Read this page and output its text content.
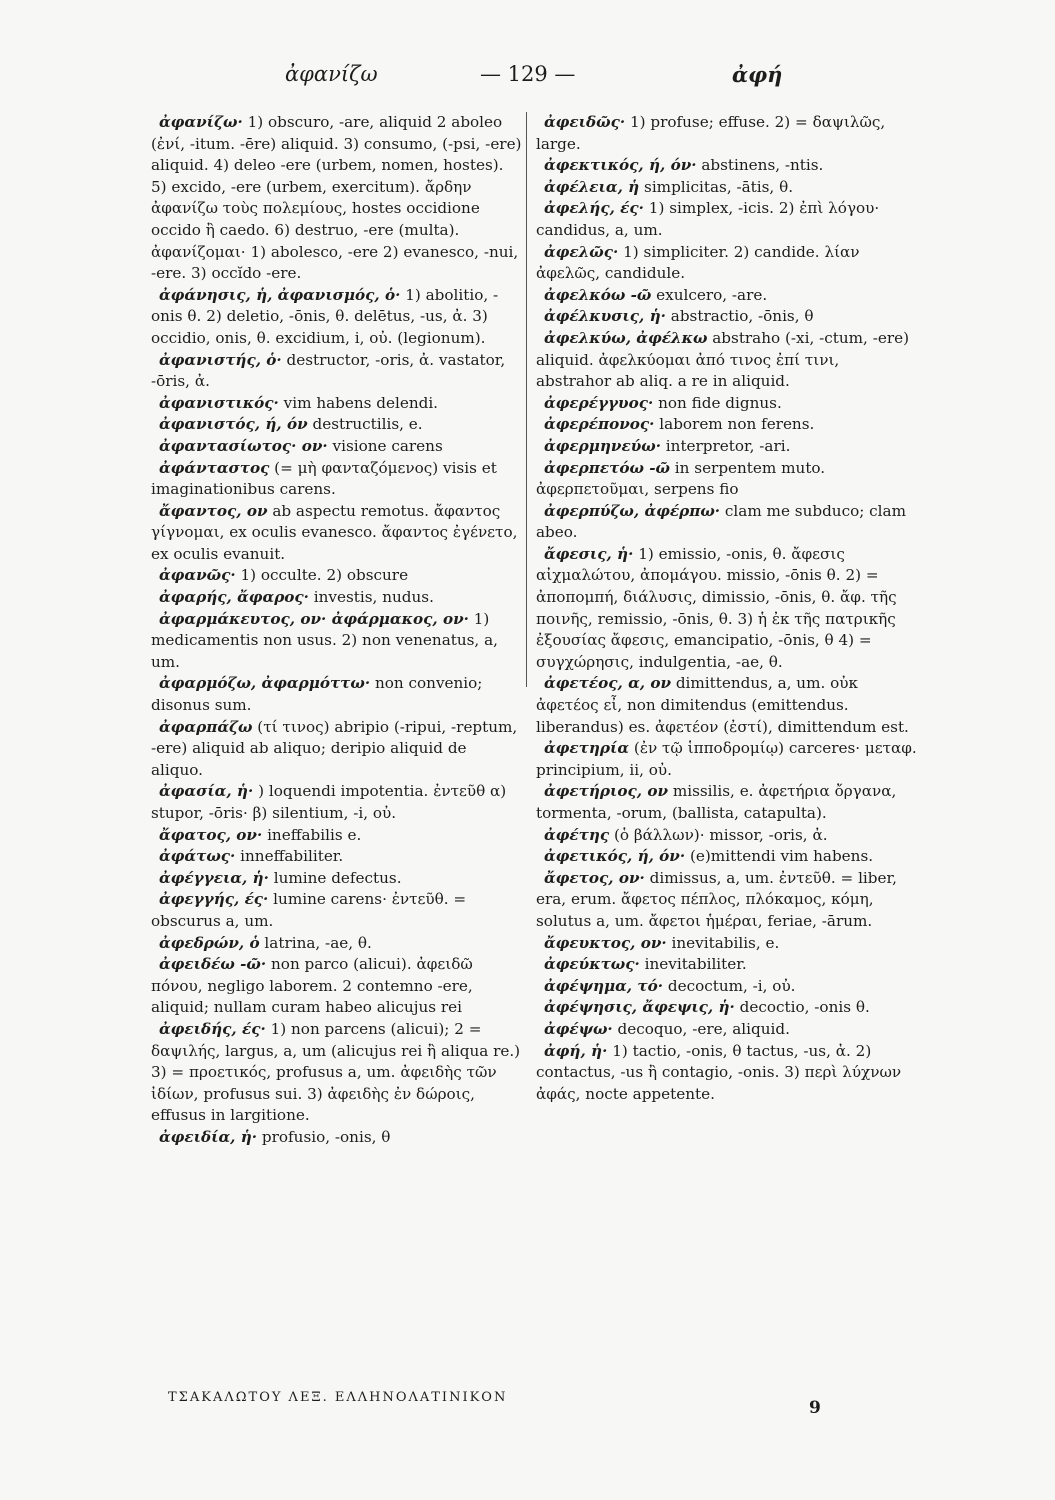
ἀφανίζω	— 129 —	ἀφή

ἀφανίζω· 1) obscuro, -are, aliquid 2 aboleo (ἐνί, -itum. -ēre) aliquid. 3) consumo, (-psi, -ere) aliquid. 4) deleo -ere (urbem, nomen, hostes). 5) excido, -ere (urbem, exercitum). ἄρδην ἀφανίζω τοὺς πολεμίους, hostes occidione occido ἢ caedo. 6) destruo, -ere (multa). ἀφανίζομαι· 1) abolesco, -ere 2) evanesco, -nui, -ere. 3) occĭdo -ere.

ἀφάνησις, ἡ, ἀφανισμός, ὁ· 1) abolitio, -onis θ. 2) deletio, -ōnis, θ. delētus, -us, ἀ. 3) occidio, onis, θ. excidium, i, οὐ. (legionum).

ἀφανιστής, ὁ· destructor, -oris, ἀ. vastator, -ōris, ἀ.

ἀφανιστικός· vim habens delendi.

ἀφανιστός, ή, όν destructilis, e.

ἀφαντασίωτος· ον· visione carens

ἀφάνταστος (= μὴ φανταζόμενος) visis et imaginationibus carens.

ἄφαντος, ον ab aspectu remotus. ἄφαντος γίγνομαι, ex oculis evanesco. ἄφαντος ἐγένετο, ex oculis evanuit.

ἀφανῶς· 1) occulte. 2) obscure

ἀφαρής, ἄφαρος· investis, nudus.

ἀφαρμάκευτος, ον· ἀφάρμακος, ον· 1) medicamentis non usus. 2) non venenatus, a, um.

ἀφαρμόζω, ἀφαρμόττω· non convenio; disonus sum.

ἀφαρπάζω (τί τινος) abripio (-ripui, -reptum, -ere) aliquid ab aliquo; deripio aliquid de aliquo.

ἀφασία, ἡ· ) loquendi impotentia. ἐντεῦθ α) stupor, -ōris· β) silentium, -i, οὐ.

ἄφατος, ον· ineffabilis e.

ἀφάτως· inneffabiliter.

ἀφέγγεια, ἡ· lumine defectus.

ἀφεγγής, ές· lumine carens· ἐντεῦθ. = obscurus a, um.

ἀφεδρών, ὁ latrina, -ae, θ.

ἀφειδέω -ῶ· non parco (alicui). ἀφειδῶ πόνου, negligo laborem. 2 contemno -ere, aliquid; nullam curam habeo alicujus rei

ἀφειδής, ές· 1) non parcens (alicui); 2 = δαψιλής, largus, a, um (alicujus rei ἢ aliqua re.) 3) = προετικός, profusus a, um. ἀφειδὴς τῶν ἰδίων, profusus sui. 3) ἀφειδὴς ἐν δώροις, effusus in largitione.

ἀφειδία, ἡ· profusio, -onis, θ

ἀφειδῶς· 1) profuse; effuse. 2) = δαψιλῶς, large.

ἀφεκτικός, ή, όν· abstinens, -ntis.

ἀφέλεια, ἡ simplicitas, -ātis, θ.

ἀφελής, ές· 1) simplex, -icis. 2) ἐπὶ λόγου· candidus, a, um.

ἀφελῶς· 1) simpliciter. 2) candide. λίαν ἀφελῶς, candidule.

ἀφελκόω -ῶ exulcero, -are.

ἀφέλκυσις, ἡ· abstractio, -ōnis, θ

ἀφελκύω, ἀφέλκω abstraho (-xi, -ctum, -ere) aliquid. ἀφελκύομαι ἀπό τινος ἐπί τινι, abstrahor ab aliq. a re in aliquid.

ἀφερέγγυος· non fide dignus.

ἀφερέπονος· laborem non ferens.

ἀφερμηνεύω· interpretor, -ari.

ἀφερπετόω -ῶ in serpentem muto. ἀφερπετοῦμαι, serpens fio

ἀφερπύζω, ἀφέρπω· clam me subduco; clam abeo.

ἄφεσις, ἡ· 1) emissio, -onis, θ. ἄφεσις αἰχμαλώτου, ἀπομάγου. missio, -ōnis θ. 2) = ἀποπομπή, διάλυσις, dimissio, -ōnis, θ. ἄφ. τῆς ποινῆς, remissio, -ōnis, θ. 3) ἡ ἐκ τῆς πατρικῆς ἐξουσίας ἄφεσις, emancipatio, -ōnis, θ 4) = συγχώρησις, indulgentia, -ae, θ.

ἀφετέος, α, ον dimittendus, a, um. οὐκ ἀφετέος εἶ, non dimitendus (emittendus. liberandus) es. ἀφετέον (ἐστί), dimittendum est.

ἀφετηρία (ἐν τῷ ἱπποδρομίῳ) carceres· μεταφ. principium, ii, οὐ.

ἀφετήριος, ον missilis, e. ἀφετήρια ὄργανα, tormenta, -orum, (ballista, catapulta).

ἀφέτης (ὁ βάλλων)· missor, -oris, ἀ.

ἀφετικός, ή, όν· (e)mittendi vim habens.

ἄφετος, ον· dimissus, a, um. ἐντεῦθ. = liber, era, erum. ἄφετος πέπλος, πλόκαμος, κόμη, solutus a, um. ἄφετοι ἡμέραι, feriae, -ārum.

ἄφευκτος, ον· inevitabilis, e.

ἀφεύκτως· inevitabiliter.

ἀφέψημα, τό· decoctum, -i, οὐ.

ἀφέψησις, ἄφεψις, ἡ· decoctio, -onis θ.

ἀφέψω· decoquo, -ere, aliquid.

ἀφή, ἡ· 1) tactio, -onis, θ tactus, -us, ἀ. 2) contactus, -us ἢ contagio, -onis. 3) περὶ λύχνων ἀφάς, nocte appetente.

ΤΣΑΚΑΛΩΤΟΥ ΛΕΞ. ΕΛΛΗΝΟΛΑΤΙΝΙΚΟΝ
9
